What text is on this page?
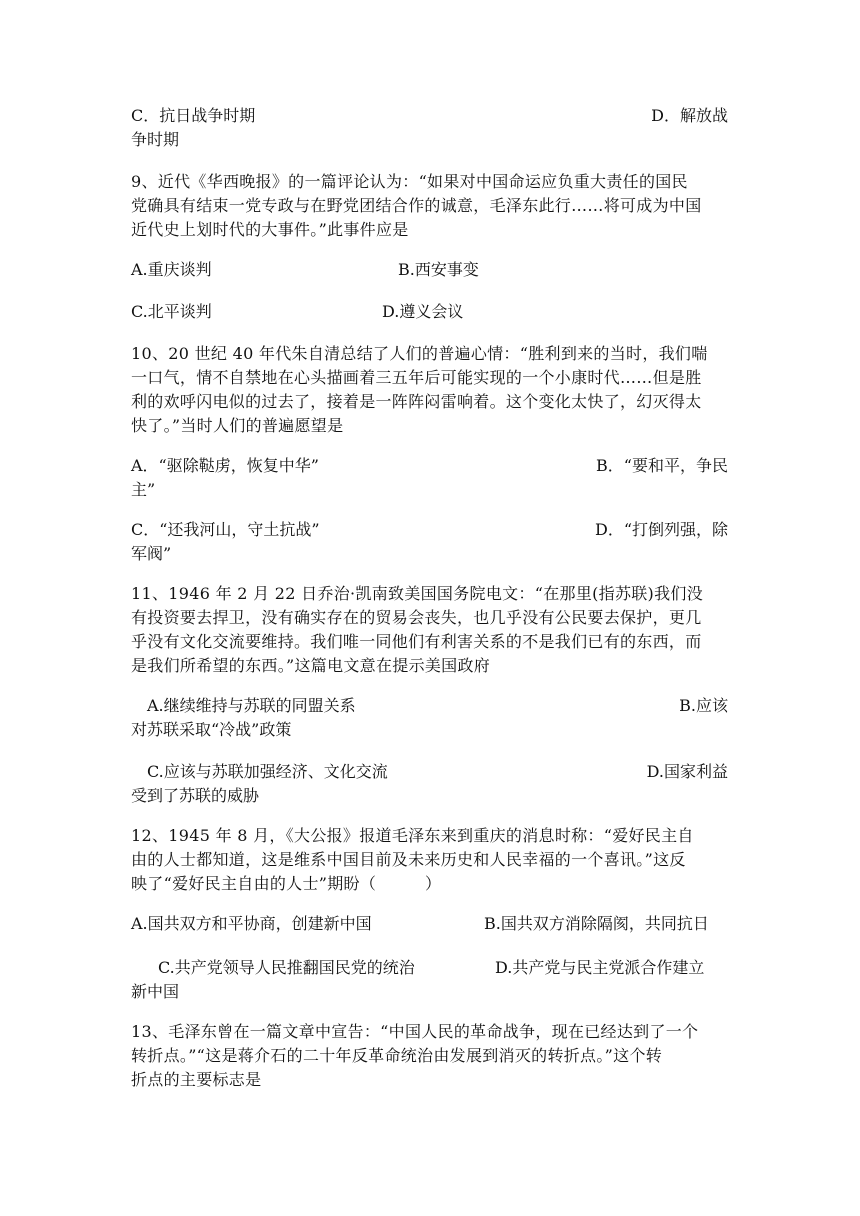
C．抗日战争时期	D．解放战
争时期
9、近代《华西晚报》的一篇评论认为：“如果对中国命运应负重大责任的国民
党确具有结束一党专政与在野党团结合作的诚意，毛泽东此行……将可成为中国
近代史上划时代的大事件。”此事件应是
A.重庆谈判	B.西安事变
C.北平谈判	D.遵义会议
10、20 世纪 40 年代朱自清总结了人们的普遍心情：“胜利到来的当时，我们喘
一口气，情不自禁地在心头描画着三五年后可能实现的一个小康时代……但是胜
利的欢呼闪电似的过去了，接着是一阵阵闷雷响着。这个变化太快了，幻灭得太
快了。”当时人们的普遍愿望是
A．“驱除鞑虏，恢复中华”	B．“要和平，争民
主”
C．“还我河山，守土抗战”	D．“打倒列强，除
军阀”
11、1946 年 2 月 22 日乔治·凯南致美国国务院电文：“在那里(指苏联)我们没
有投资要去捍卫，没有确实存在的贸易会丧失，也几乎没有公民要去保护，更几
乎没有文化交流要维持。我们唯一同他们有利害关系的不是我们已有的东西，而
是我们所希望的东西。”这篇电文意在提示美国政府
A.继续维持与苏联的同盟关系	B.应该
对苏联采取“冷战”政策
C.应该与苏联加强经济、文化交流	D.国家利益
受到了苏联的威胁
12、1945 年 8 月，《大公报》报道毛泽东来到重庆的消息时称：“爱好民主自
由的人士都知道，这是维系中国目前及未来历史和人民幸福的一个喜讯。”这反
映了“爱好民主自由的人士”期盼（　　　）
A.国共双方和平协商，创建新中国	B.国共双方消除隔阂，共同抗日
C.共产党领导人民推翻国民党的统治	D.共产党与民主党派合作建立
新中国
13、毛泽东曾在一篇文章中宣告：“中国人民的革命战争，现在已经达到了一个
转折点。”“这是蒋介石的二十年反革命统治由发展到消灭的转折点。”这个转
折点的主要标志是
